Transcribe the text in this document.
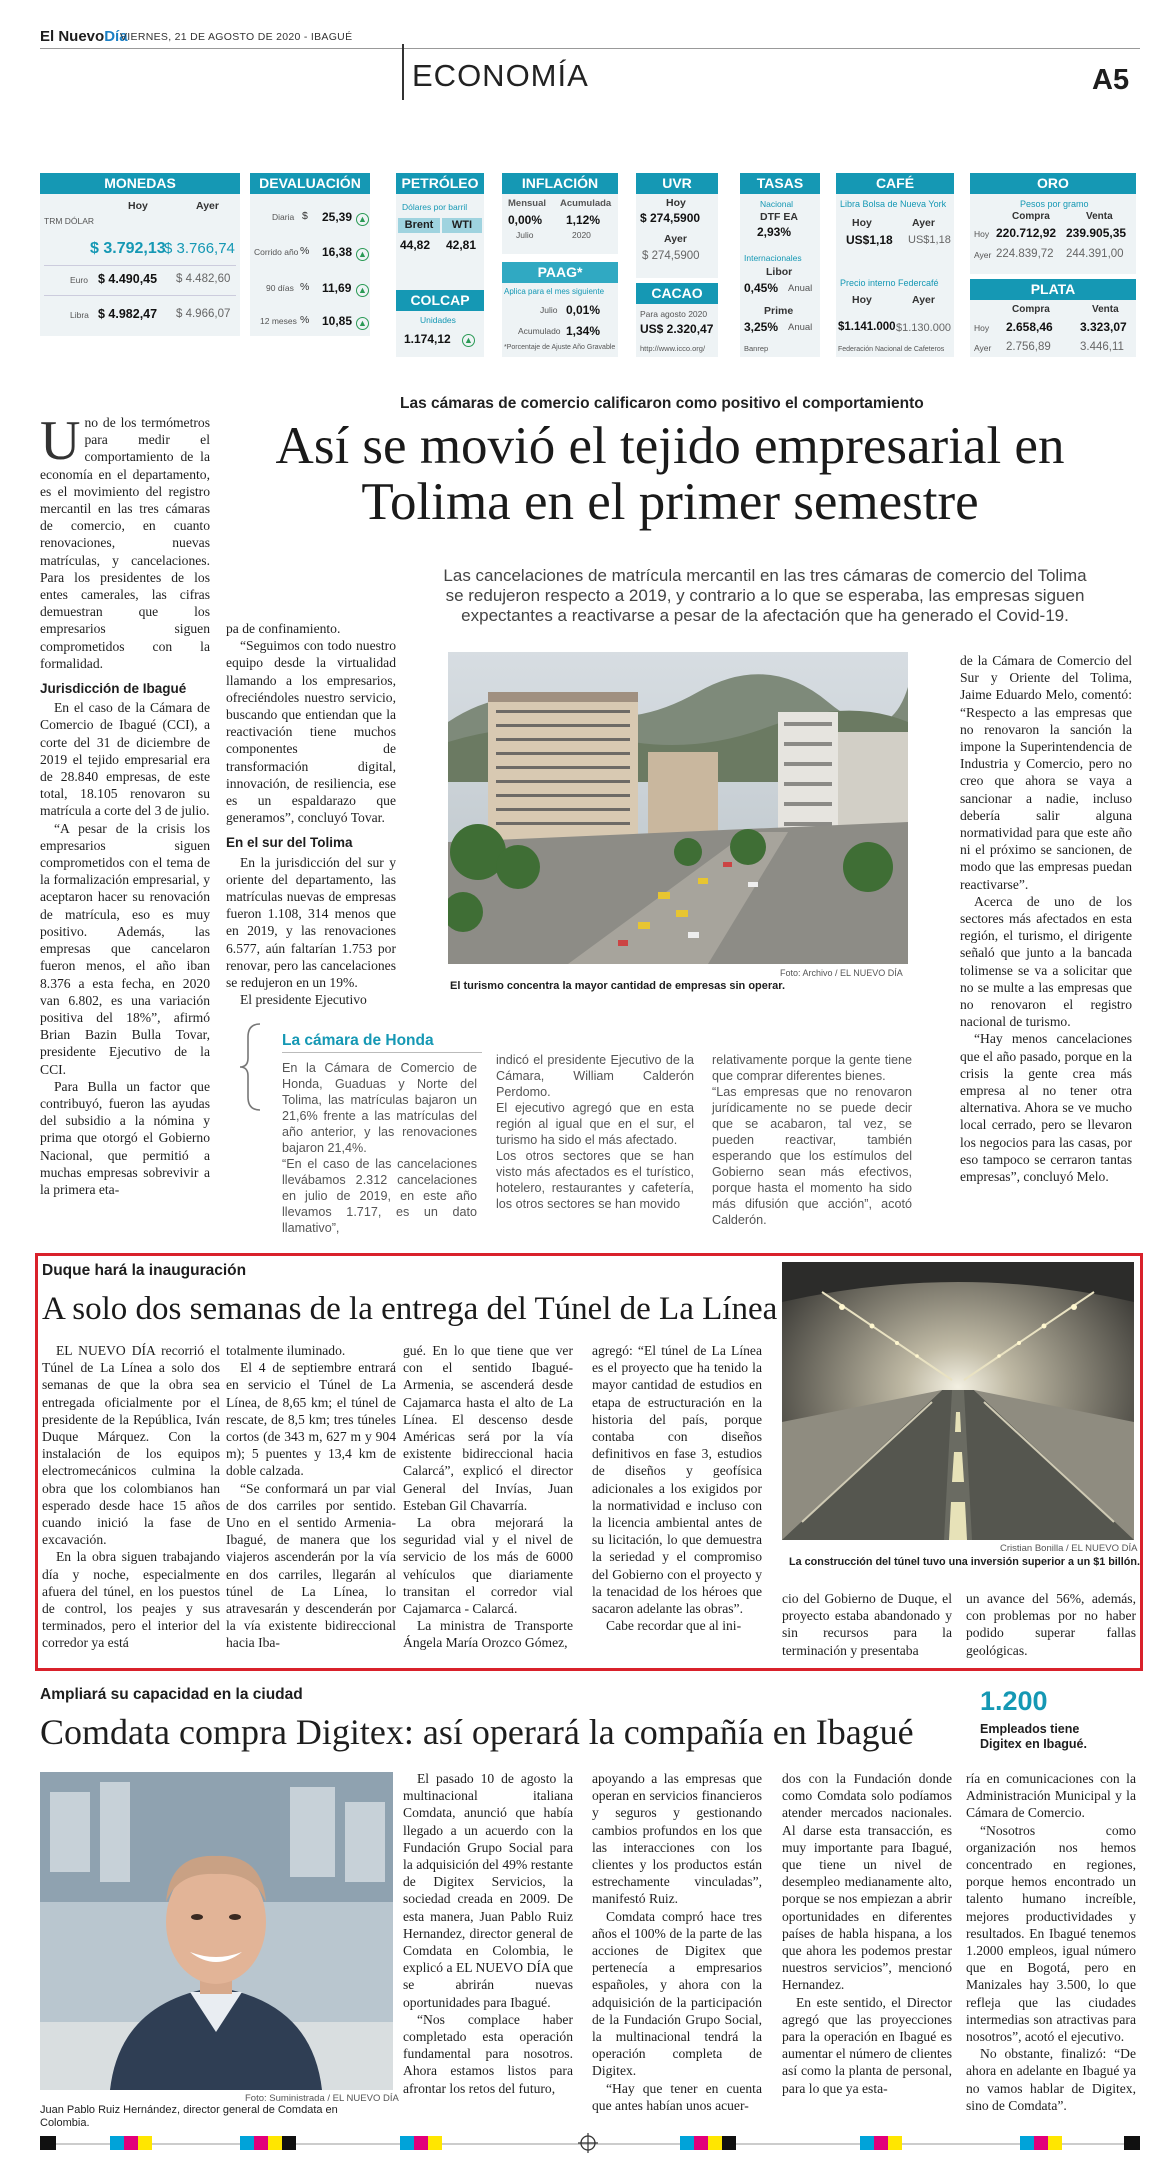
El NuevoDía
VIERNES, 21 DE AGOSTO DE 2020 - IBAGUÉ
ECONOMÍA	A5
MONEDAS
Hoy	Ayer
TRM DÓLAR
$ 3.792,13
$ 3.766,74
Euro $ 4.490,45 $ 4.482,60
Libra $ 4.982,47 $ 4.966,07
DEVALUACIÓN
Diaria $ 25,39 ▲
Corrido año % 16,38 ▲
90 días % 11,69 ▲
12 meses % 10,85 ▲
PETRÓLEO
Dólares por barril
Brent	WTI
44,82 42,81
COLCAP
Unidades
1.174,12 ▲
INFLACIÓN
Mensual Acumulada
0,00% 1,12%
Julio	2020
PAAG*
Aplica para el mes siguiente
Julio 0,01%
Acumulado 1,34%
*Porcentaje de Ajuste Año Gravable
UVR
Hoy
$ 274,5900
Ayer
$ 274,5900
CACAO
Para agosto 2020
US$ 2.320,47
http://www.icco.org/
TASAS
Nacional
DTF EA
2,93%
Internacionales
Libor
0,45% Anual
Prime
3,25% Anual
Banrep
CAFÉ
Libra Bolsa de Nueva York
Hoy	Ayer
US$1,18 US$1,18
Precio interno Federcafé
Hoy	Ayer
$1.141.000 $1.130.000
Federación Nacional de Cafeteros
ORO
Pesos por gramo
Compra	Venta
Hoy 220.712,92 239.905,35
Ayer 224.839,72 244.391,00
PLATA
Compra	Venta
Hoy 2.658,46 3.323,07
Ayer 2.756,89	3.446,11
Las cámaras de comercio calificaron como positivo el comportamiento
Así se movió el tejido empresarial en Tolima en el primer semestre
Las cancelaciones de matrícula mercantil en las tres cámaras de comercio del Tolima se redujeron respecto a 2019, y contrario a lo que se esperaba, las empresas siguen expectantes a reactivarse a pesar de la afectación que ha generado el Covid-19.

Uno de los termómetros para medir el comportamiento de la economía en el departamento, es el movimiento del registro mercantil en las tres cámaras de comercio, en cuanto renovaciones, nuevas matrículas, y cancelaciones. Para los presidentes de los entes camerales, las cifras demuestran que los empresarios siguen comprometidos con la formalidad.

Jurisdicción de Ibagué

En el caso de la Cámara de Comercio de Ibagué (CCI), a corte del 31 de diciembre de 2019 el tejido empresarial era de 28.840 empresas, de este total, 18.105 renovaron su matrícula a corte del 3 de julio.

“A pesar de la crisis los empresarios siguen comprometidos con el tema de la formalización empresarial, y aceptaron hacer su renovación de matrícula, eso es muy positivo. Además, las empresas que cancelaron fueron menos, el año iban 8.376 a esta fecha, en 2020 van 6.802, es una variación positiva del 18%”, afirmó Brian Bazin Bulla Tovar, presidente Ejecutivo de la CCI.

Para Bulla un factor que contribuyó, fueron las ayudas del subsidio a la nómina y prima que otorgó el Gobierno Nacional, que permitió a muchas empresas sobrevivir a la primera eta-

pa de confinamiento.

“Seguimos con todo nuestro equipo desde la virtualidad llamando a los empresarios, ofreciéndoles nuestro servicio, buscando que entiendan que la reactivación tiene muchos componentes de transformación digital, innovación, de resiliencia, ese es un espaldarazo que generamos”, concluyó Tovar.

En el sur del Tolima

En la jurisdicción del sur y oriente del departamento, las matrículas nuevas de empresas fueron 1.108, 314 menos que en 2019, y las renovaciones 6.577, aún faltarían 1.753 por renovar, pero las cancelaciones se redujeron en un 19%.

El presidente Ejecutivo

Foto: Archivo / EL NUEVO DÍA
El turismo concentra la mayor cantidad de empresas sin operar.

de la Cámara de Comercio del Sur y Oriente del Tolima, Jaime Eduardo Melo, comentó: “Respecto a las empresas que no renovaron la sanción la impone la Superintendencia de Industria y Comercio, pero no creo que ahora se vaya a sancionar a nadie, incluso debería salir alguna normatividad para que este año ni el próximo se sancionen, de modo que las empresas puedan reactivarse”.

Acerca de uno de los sectores más afectados en esta región, el turismo, el dirigente señaló que junto a la bancada tolimense se va a solicitar que no se multe a las empresas que no renovaron el registro nacional de turismo.

“Hay menos cancelaciones que el año pasado, porque en la crisis la gente crea más empresa al no tener otra alternativa. Ahora se ve mucho local cerrado, pero se llevaron los negocios para las casas, por eso tampoco se cerraron tantas empresas”, concluyó Melo.

La cámara de Honda

En la Cámara de Comercio de Honda, Guaduas y Norte del Tolima, las matrículas bajaron un 21,6% frente a las matrículas del año anterior, y las renovaciones bajaron 21,4%.

“En el caso de las cancelaciones llevábamos 2.312 cancelaciones en julio de 2019, en este año llevamos 1.717, es un dato llamativo”,

indicó el presidente Ejecutivo de la Cámara, William Calderón Perdomo.

El ejecutivo agregó que en esta región al igual que en el sur, el turismo ha sido el más afectado.

Los otros sectores que se han visto más afectados es el turístico, hotelero, restaurantes y cafetería, los otros sectores se han movido

relativamente porque la gente tiene que comprar diferentes bienes.

“Las empresas que no renovaron jurídicamente no se puede decir que se acabaron, tal vez, se pueden reactivar, también esperando que los estímulos del Gobierno sean más efectivos, porque hasta el momento ha sido más difusión que acción”, acotó Calderón.

Duque hará la inauguración
A solo dos semanas de la entrega del Túnel de La Línea

EL NUEVO DÍA recorrió el Túnel de La Línea a solo dos semanas de que la obra sea entregada oficialmente por el presidente de la República, Iván Duque Márquez. Con la instalación de los equipos electromecánicos culmina la obra que los colombianos han esperado desde hace 15 años cuando inició la fase de excavación.

En la obra siguen trabajando día y noche, especialmente afuera del túnel, en los puestos de control, los peajes y sus terminados, pero el interior del corredor ya está

totalmente iluminado.

El 4 de septiembre entrará en servicio el Túnel de La Línea, de 8,65 km; el túnel de rescate, de 8,5 km; tres túneles cortos (de 343 m, 627 m y 904 m); 5 puentes y 13,4 km de doble calzada.

“Se conformará un par vial de dos carriles por sentido. Uno en el sentido Armenia-Ibagué, de manera que los viajeros ascenderán por la vía en dos carriles, llegarán al túnel de La Línea, lo atravesarán y descenderán por la vía existente bidireccional hacia Iba-

gué. En lo que tiene que ver con el sentido Ibagué-Armenia, se ascenderá desde Cajamarca hasta el alto de La Línea. El descenso desde Américas será por la vía existente bidireccional hacia Calarcá”, explicó el director General del Invías, Juan Esteban Gil Chavarría.

La obra mejorará la seguridad vial y el nivel de servicio de los más de 6000 vehículos que diariamente transitan el corredor vial Cajamarca - Calarcá.

La ministra de Transporte Ángela María Orozco Gómez,

agregó: “El túnel de La Línea es el proyecto que ha tenido la mayor cantidad de estudios en etapa de estructuración en la historia del país, porque contaba con diseños definitivos en fase 3, estudios de diseños y geofísica adicionales a los exigidos por la normatividad e incluso con la licencia ambiental antes de su licitación, lo que demuestra la seriedad y el compromiso del Gobierno con el proyecto y la tenacidad de los héroes que sacaron adelante las obras”.

Cabe recordar que al ini-

Cristian Bonilla / EL NUEVO DÍA
La construcción del túnel tuvo una inversión superior a un $1 billón.

cio del Gobierno de Duque, el proyecto estaba abandonado y sin recursos para la terminación y presentaba

un avance del 56%, además, con problemas por no haber podido superar fallas geológicas.

Ampliará su capacidad en la ciudad
Comdata compra Digitex: así operará la compañía en Ibagué
1.200
Empleados tiene Digitex en Ibagué.
Foto: Suministrada / EL NUEVO DÍA
Juan Pablo Ruiz Hernández, director general de Comdata en Colombia.

El pasado 10 de agosto la multinacional italiana Comdata, anunció que había llegado a un acuerdo con la Fundación Grupo Social para la adquisición del 49% restante de Digitex Servicios, la sociedad creada en 2009. De esta manera, Juan Pablo Ruiz Hernandez, director general de Comdata en Colombia, le explicó a EL NUEVO DÍA que se abrirán nuevas oportunidades para Ibagué.

“Nos complace haber completado esta operación fundamental para nosotros. Ahora estamos listos para afrontar los retos del futuro,

apoyando a las empresas que operan en servicios financieros y seguros y gestionando cambios profundos en los que las interacciones con los clientes y los productos están estrechamente vinculadas”, manifestó Ruiz.

Comdata compró hace tres años el 100% de la parte de las acciones de Digitex que pertenecía a empresarios españoles, y ahora con la adquisición de la participación de la Fundación Grupo Social, la multinacional tendrá la operación completa de Digitex.

“Hay que tener en cuenta que antes habían unos acuer-

dos con la Fundación donde como Comdata solo podíamos atender mercados nacionales. Al darse esta transacción, es muy importante para Ibagué, que tiene un nivel de desempleo medianamente alto, porque se nos empiezan a abrir oportunidades en diferentes países de habla hispana, a los que ahora les podemos prestar nuestros servicios”, mencionó Hernandez.

En este sentido, el Director agregó que las proyecciones para la operación en Ibagué es aumentar el número de clientes así como la planta de personal, para lo que ya esta-

ría en comunicaciones con la Administración Municipal y la Cámara de Comercio.

“Nosotros como organización nos hemos concentrado en regiones, porque hemos encontrado un talento humano increíble, mejores productividades y resultados. En Ibagué tenemos 1.2000 empleos, igual número que en Bogotá, pero en Manizales hay 3.500, lo que refleja que las ciudades intermedias son atractivas para nosotros”, acotó el ejecutivo.

No obstante, finalizó: “De ahora en adelante en Ibagué ya no vamos hablar de Digitex, sino de Comdata”.
